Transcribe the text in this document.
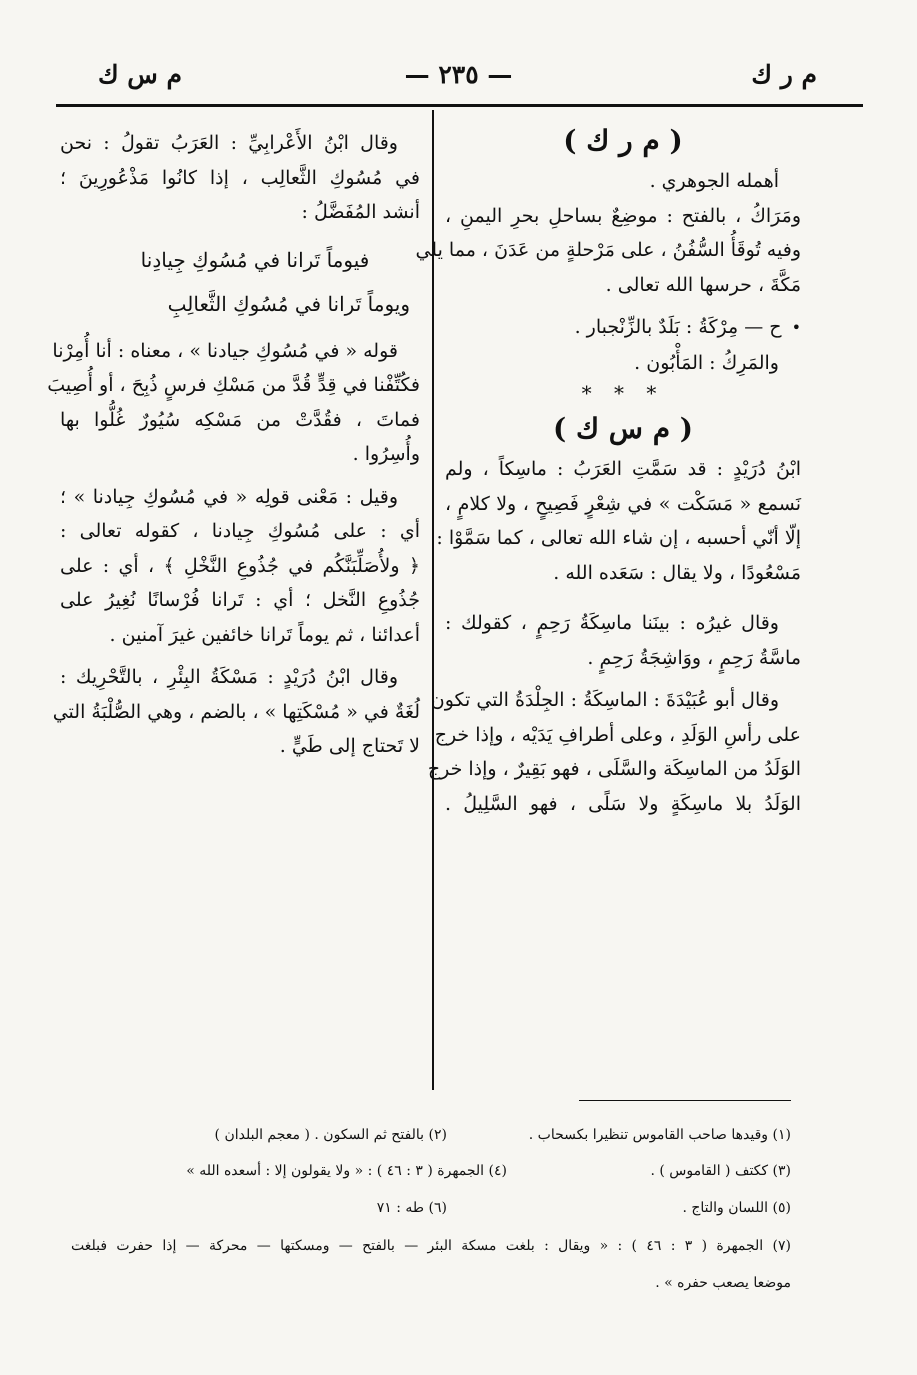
م ر ك
— ٢٣٥ —
م س ك
( م ر ك )
أهمله الجوهري .
ومَرَاكُ ، بالفتح : موضِعٌ بساحلِ بحرِ اليمنِ ،
وفيه تُوقَأُ السُّفُنُ ، على مَرْحلةٍ من عَدَنَ ، مما يلي
مَكَّةَ ، حرسها الله تعالى .
•ح — مِرْكَةُ : بَلَدٌ بالزِّنْجبار .
والمَرِكُ : المَأْبُون .
* * *
( م س ك )
ابْنُ دُرَيْدٍ : قد سَمَّتِ العَرَبُ : ماسِكاً ، ولم
نَسمع « مَسَكْت » في شِعْرٍ فَصِيحٍ ، ولا كلامٍ ،
إلّا أنّي أحسبه ، إن شاء الله تعالى ، كما سَمَّوْا :
مَسْعُودًا ، ولا يقال : سَعَده الله .
وقال غيرُه : بينَنا ماسِكَةُ رَحِمٍ ، كقولك :
ماسَّةُ رَحِمٍ ، ووَاشِجَةُ رَحِمٍ .
وقال أبو عُبَيْدَةَ : الماسِكَةُ : الجِلْدَةُ التي تكون
على رأسِ الوَلَدِ ، وعلى أطرافِ يَدَيْه ، وإذا خرج
الوَلَدُ من الماسِكَة والسَّلَى ، فهو بَقِيرٌ ، وإذا خرج
الوَلَدُ بلا ماسِكَةٍ ولا سَلًى ، فهو السَّلِيلُ .
وقال ابْنُ الأَعْرابِيِّ : العَرَبُ تقولُ : نحن
في مُسُوكِ الثَّعالِب ، إذا كانُوا مَذْعُورِينَ ؛
أنشد المُفَضَّلُ :
فيوماً تَرانا في مُسُوكِ جِيادِنا
ويوماً تَرانا في مُسُوكِ الثَّعالِبِ
قوله « في مُسُوكِ جيادنا » ، معناه : أنا أُمِرْنا
فكُتِّفْنا في قِدٍّ قُدَّ من مَسْكِ فرسٍ ذُبِحَ ، أو أُصِيبَ
فماتَ ، فقُدَّتْ من مَسْكِه سُيُورٌ غُلُّوا بها
وأُسِرُوا .
وقيل : مَعْنى قولِه « في مُسُوكِ جِيادنا » ؛
أي : على مُسُوكِ جِيادنا ، كقوله تعالى :
﴿ ولأُصَلِّبَنَّكُم في جُذُوعِ النَّخْلِ ﴾ ، أي : على
جُذُوعِ النَّخل ؛ أي : تَرانا فُرْسانًا نُغِيرُ على
أعدائنا ، ثم يوماً تَرانا خائفين غيرَ آمنين .
وقال ابْنُ دُرَيْدٍ : مَسْكَةُ البِئْرِ ، بالتَّحْرِيك :
لُغَةٌ في « مُسْكَتِها » ، بالضم ، وهي الصُّلْبَةُ التي
لا تَحتاج إلى طَيٍّ .
(١) وقيدها صاحب القاموس تنظيرا بكسحاب .
(٢) بالفتح ثم السكون . ( معجم البلدان )
(٣) ككتف ( القاموس ) .
(٤) الجمهرة ( ٣ : ٤٦ ) : « ولا يقولون إلا : أسعده الله »
(٥) اللسان والتاج .
(٦) طه : ٧١
(٧) الجمهرة ( ٣ : ٤٦ ) : « ويقال : بلغت مسكة البئر — بالفتح — ومسكتها — محركة — إذا حفرت فبلغت
موضعا يصعب حفره » .
